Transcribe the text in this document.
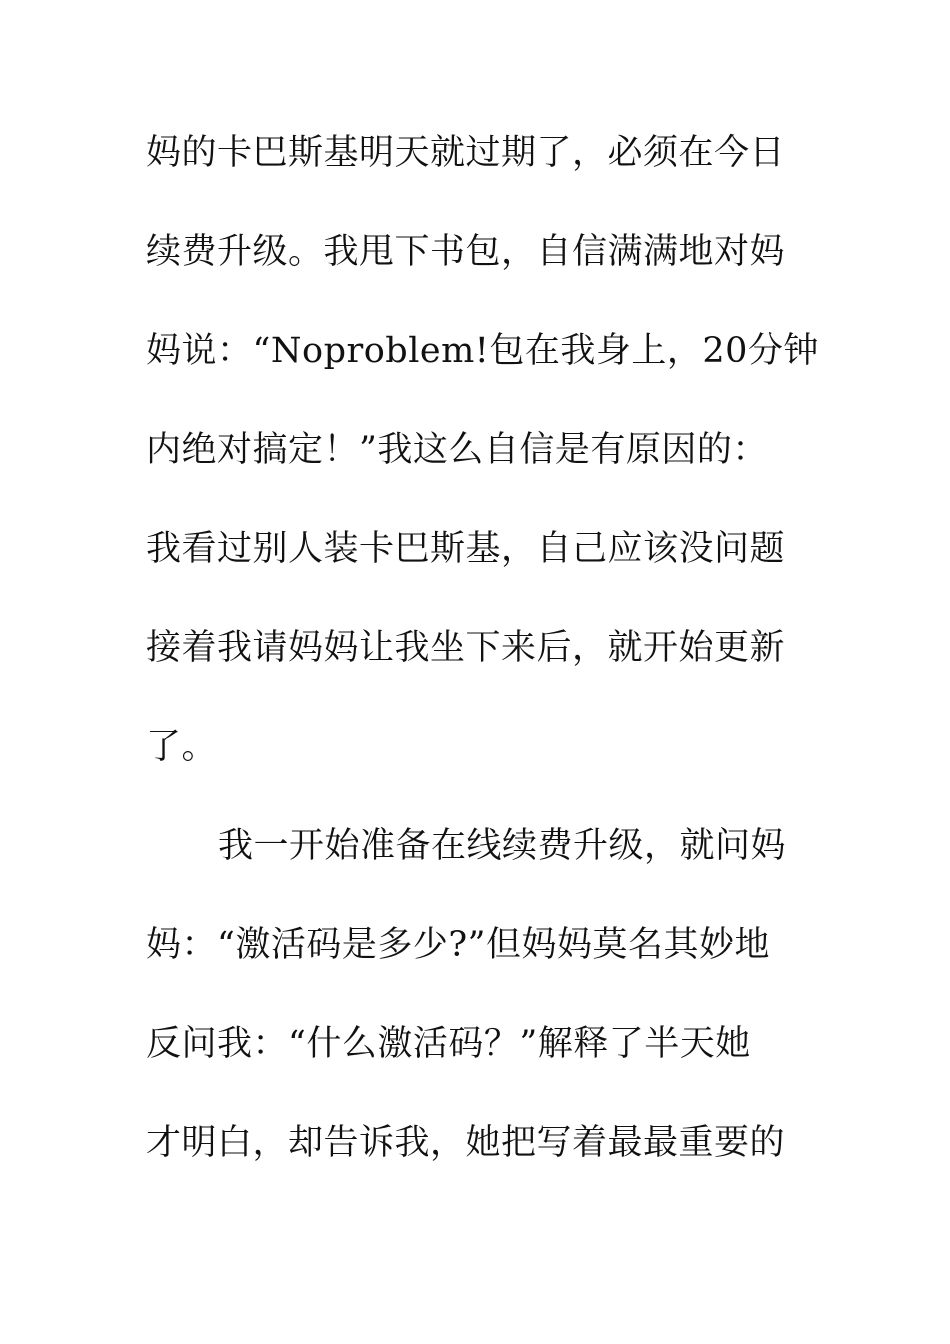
妈的卡巴斯基明天就过期了，必须在今日
续费升级。我甩下书包，自信满满地对妈
妈说：“Noproblem!包在我身上，20分钟
内绝对搞定！”我这么自信是有原因的：
我看过别人装卡巴斯基，自己应该没问题
接着我请妈妈让我坐下来后，就开始更新
了。
我一开始准备在线续费升级，就问妈
妈：“激活码是多少?”但妈妈莫名其妙地
反问我：“什么激活码？”解释了半天她
才明白，却告诉我，她把写着最最重要的
